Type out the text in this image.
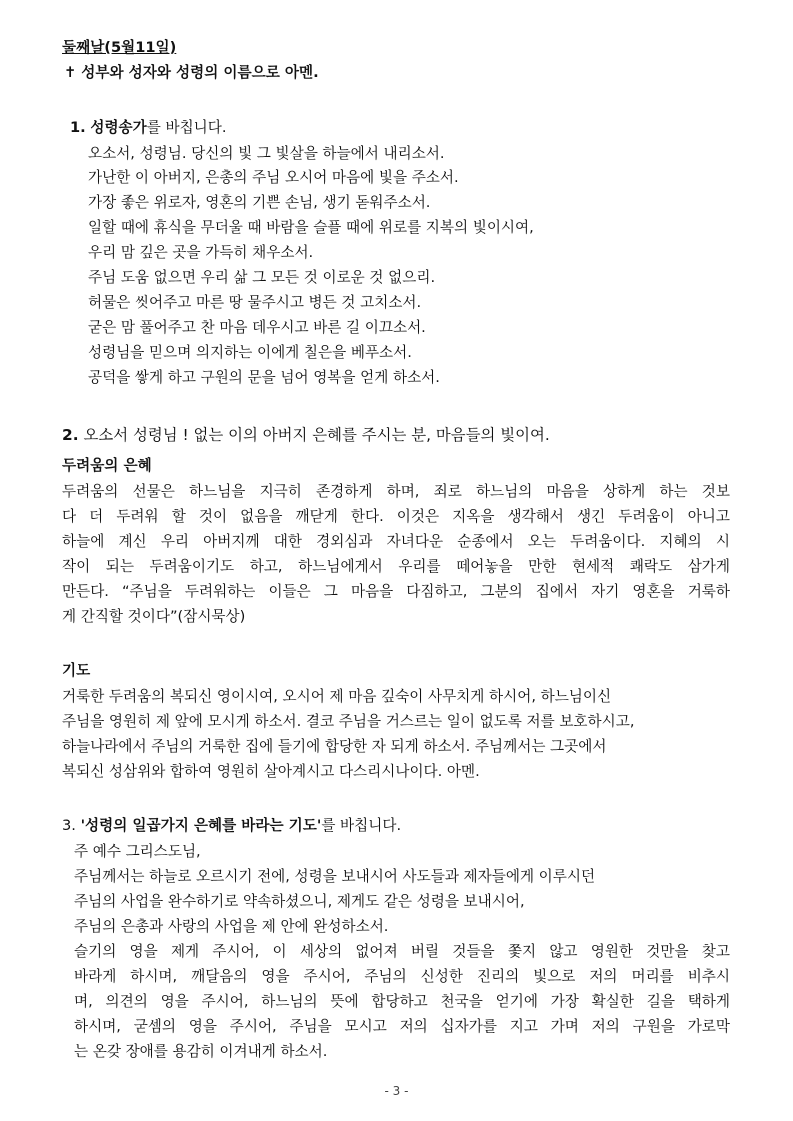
둘째날(5월11일)
✝ 성부와 성자와 성령의 이름으로 아멘.
1. 성령송가를 바칩니다.
오소서, 성령님. 당신의 빛 그 빛살을 하늘에서 내리소서.
가난한 이 아버지, 은총의 주님 오시어 마음에 빛을 주소서.
가장 좋은 위로자, 영혼의 기쁜 손님, 생기 돋워주소서.
일할 때에 휴식을 무더울 때 바람을 슬플 때에 위로를 지복의 빛이시여,
우리 맘 깊은 곳을 가득히 채우소서.
주님 도움 없으면 우리 삶 그 모든 것 이로운 것 없으리.
허물은 씻어주고 마른 땅 물주시고 병든 것 고치소서.
굳은 맘 풀어주고 찬 마음 데우시고 바른 길 이끄소서.
성령님을 믿으며 의지하는 이에게 칠은을 베푸소서.
공덕을 쌓게 하고 구원의 문을 넘어 영복을 얻게 하소서.
2. 오소서 성령님 ! 없는 이의 아버지 은혜를 주시는 분, 마음들의 빛이여.
두려움의 은혜
두려움의 선물은 하느님을 지극히 존경하게 하며, 죄로 하느님의 마음을 상하게 하는 것보
다 더 두려워 할 것이 없음을 깨닫게 한다. 이것은 지옥을 생각해서 생긴 두려움이 아니고
하늘에 계신 우리 아버지께 대한 경외심과 자녀다운 순종에서 오는 두려움이다. 지혜의 시
작이 되는 두려움이기도 하고, 하느님에게서 우리를 떼어놓을 만한 현세적 쾌락도 삼가게
만든다. “주님을 두려워하는 이들은 그 마음을 다짐하고, 그분의 집에서 자기 영혼을 거룩하
게 간직할 것이다”(잠시묵상)
기도
거룩한 두려움의 복되신 영이시여, 오시어 제 마음 깊숙이 사무치게 하시어, 하느님이신
주님을 영원히 제 앞에 모시게 하소서. 결코 주님을 거스르는 일이 없도록 저를 보호하시고,
하늘나라에서 주님의 거룩한 집에 들기에 합당한 자 되게 하소서. 주님께서는 그곳에서
복되신 성삼위와 합하여 영원히 살아계시고 다스리시나이다. 아멘.
3. '성령의 일곱가지 은혜를 바라는 기도'를 바칩니다.
주 예수 그리스도님,
주님께서는 하늘로 오르시기 전에, 성령을 보내시어 사도들과 제자들에게 이루시던
주님의 사업을 완수하기로 약속하셨으니, 제게도 같은 성령을 보내시어,
주님의 은총과 사랑의 사업을 제 안에 완성하소서.
슬기의 영을 제게 주시어, 이 세상의 없어져 버릴 것들을 쫓지 않고 영원한 것만을 찾고
바라게 하시며, 깨달음의 영을 주시어, 주님의 신성한 진리의 빛으로 저의 머리를 비추시
며, 의견의 영을 주시어, 하느님의 뜻에 합당하고 천국을 얻기에 가장 확실한 길을 택하게
하시며, 굳셈의 영을 주시어, 주님을 모시고 저의 십자가를 지고 가며 저의 구원을 가로막
는 온갖 장애를 용감히 이겨내게 하소서.
- 3 -
